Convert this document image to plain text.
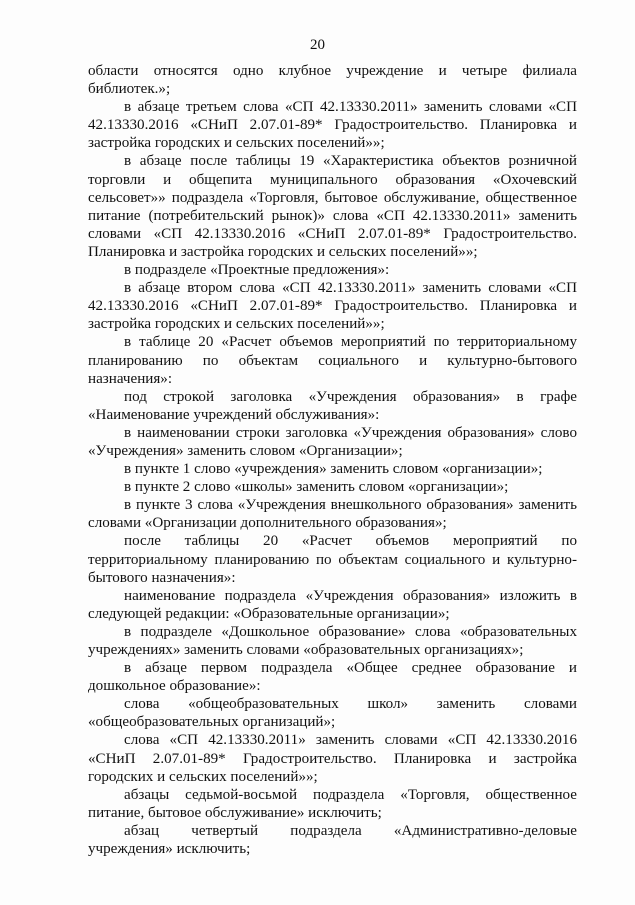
20

области относятся одно клубное учреждение и четыре филиала библиотек.»;

в абзаце третьем слова «СП 42.13330.2011» заменить словами «СП 42.13330.2016 «СНиП 2.07.01-89* Градостроительство. Планировка и застройка городских и сельских поселений»»;

в абзаце после таблицы 19 «Характеристика объектов розничной торговли и общепита муниципального образования «Охочевский сельсовет»» подраздела «Торговля, бытовое обслуживание, общественное питание (потребительский рынок)» слова «СП 42.13330.2011» заменить словами «СП 42.13330.2016 «СНиП 2.07.01-89* Градостроительство. Планировка и застройка городских и сельских поселений»»;

в подразделе «Проектные предложения»:

в абзаце втором слова «СП 42.13330.2011» заменить словами «СП 42.13330.2016 «СНиП 2.07.01-89* Градостроительство. Планировка и застройка городских и сельских поселений»»;

в таблице 20 «Расчет объемов мероприятий по территориальному планированию по объектам социального и культурно-бытового назначения»:

под строкой заголовка «Учреждения образования» в графе «Наименование учреждений обслуживания»:

в наименовании строки заголовка «Учреждения образования» слово «Учреждения» заменить словом «Организации»;

в пункте 1 слово «учреждения» заменить словом «организации»;

в пункте 2 слово «школы» заменить словом «организации»;

в пункте 3 слова «Учреждения внешкольного образования» заменить словами «Организации дополнительного образования»;

после таблицы 20 «Расчет объемов мероприятий по территориальному планированию по объектам социального и культурно-бытового назначения»:

наименование подраздела «Учреждения образования» изложить в следующей редакции: «Образовательные организации»;

в подразделе «Дошкольное образование» слова «образовательных учреждениях» заменить словами «образовательных организациях»;

в абзаце первом подраздела «Общее среднее образование и дошкольное образование»:

слова «общеобразовательных школ» заменить словами «общеобразовательных организаций»;

слова «СП 42.13330.2011» заменить словами «СП 42.13330.2016 «СНиП 2.07.01-89* Градостроительство. Планировка и застройка городских и сельских поселений»»;

абзацы седьмой-восьмой подраздела «Торговля, общественное питание, бытовое обслуживание» исключить;

абзац четвертый подраздела «Административно-деловые учреждения» исключить;
